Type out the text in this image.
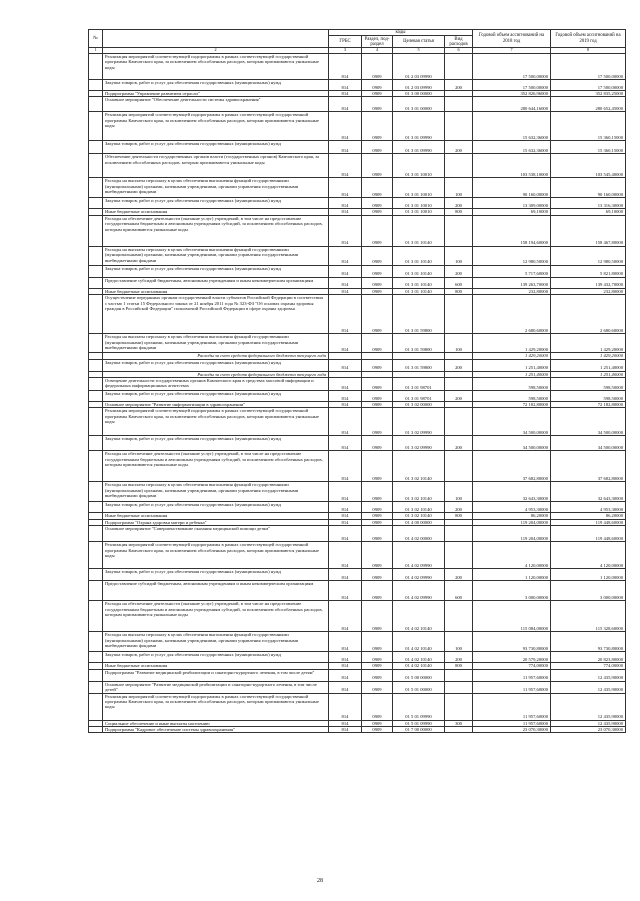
№		коды				Годовой объем ассигнований на 2018 год	Годовой объем ассигнований на 2019 год
		ГРБС	Раздел, под-раздел	Целевая статья	Вид расходов		
1	2	3	4	5	6	7	8
	Реализация мероприятий соответствующей подпрограммы в рамках соответствующей государственной программы Камчатского края, за исключением обособленных расходов, которым присваиваются уникальные коды	814	0909	01 2 03 09990		17 500,00000	17 500,00000
	Закупка товаров, работ и услуг для обеспечения государственных (муниципальных) нужд	814	0909	01 2 03 09990	200	17 500,00000	17 500,00000
	Подпрограмма "Управление развитием отрасли"	814	0909	01 3 00 00000		352 826,96000	352 835,25000
	Основное мероприятие "Обеспечение деятельности системы здравоохранения"	814	0909	01 3 01 00000		280 644,16000	280 652,45000
	Реализация мероприятий соответствующей подпрограммы в рамках соответствующей государственной программы Камчатского края, за исключением обособленных расходов, которым присваиваются уникальные коды	814	0909	01 3 01 09990		15 632,36000	15 360,15000
	Закупка товаров, работ и услуг для обеспечения государственных (муниципальных) нужд	814	0909	01 3 01 09990	200	15 632,36000	15 360,15000
	Обеспечение деятельности государственных органов власти (государственных органов) Камчатского края, за исключением обособленных расходов, которым присваиваются уникальные коды	814	0909	01 3 01 10010		103 538,10000	103 545,40000
	Расходы на выплаты персоналу в целях обеспечения выполнения функций государственными (муниципальными) органами, казенными учреждениями, органами управления государственными внебюджетными фондами	814	0909	01 3 01 10010	100	90 160,00000	90 160,00000
	Закупка товаров, работ и услуг для обеспечения государственных (муниципальных) нужд	814	0909	01 3 01 10010	200	13 309,00000	13 316,30000
	Иные бюджетные ассигнования	814	0909	01 3 01 10010	800	69,10000	69,10000
	Расходы на обеспечение деятельности (оказание услуг) учреждений, в том числе на предоставление государственным бюджетным и автономным учреждениям субсидий, за исключением обособленных расходов, которым присваиваются уникальные коды	814	0909	01 3 01 10140		158 194,60000	158 467,80000
	Расходы на выплаты персоналу в целях обеспечения выполнения функций государственными (муниципальными) органами, казенными учреждениями, органами управления государственными внебюджетными фондами	814	0909	01 3 01 10140	100	12 980,50000	12 980,50000
	Закупка товаров, работ и услуг для обеспечения государственных (муниципальных) нужд	814	0909	01 3 01 10140	200	5 717,60000	5 821,80000
	Предоставление субсидий бюджетным, автономным учреждениям и иным некоммерческим организациям	814	0909	01 3 01 10140	600	139 263,70000	139 432,70000
	Иные бюджетные ассигнования	814	0909	01 3 01 10140	800	232,80000	232,80000
	Осуществление переданных органам государственной власти субъектов Российской Федерации в соответствии с частью 1 статьи 15 Федерального закона от 21 ноября 2011 года № 323-ФЗ "Об основах охраны здоровья граждан в Российской Федерации" полномочий Российской Федерации в сфере охраны здоровья	814	0909	01 3 01 59800		2 680,60000	2 680,60000
	Расходы на выплаты персоналу в целях обеспечения выполнения функций государственными (муниципальными) органами, казенными учреждениями, органами управления государственными внебюджетными фондами	814	0909	01 3 01 59800	100	1 429,20000	1 429,20000
	Расходы за счет средств федерального бюджета текущего года					1 429,20000	1 429,20000
	Закупка товаров, работ и услуг для обеспечения государственных (муниципальных) нужд	814	0909	01 3 01 59800	200	1 251,40000	1 251,40000
	Расходы за счет средств федерального бюджета текущего года					1 251,40000	1 251,40000
	Освещение деятельности государственных органов Камчатского края в средствах массовой информации и федеральных информационных агентствах	814	0909	01 3 01 98701		598,50000	598,50000
	Закупка товаров, работ и услуг для обеспечения государственных (муниципальных) нужд	814	0909	01 3 01 98701	200	598,50000	598,50000
	Основное мероприятие "Развитие информатизации в здравоохранении"	814	0909	01 3 02 00000		72 182,80000	72 182,80000
	Реализация мероприятий соответствующей подпрограммы в рамках соответствующей государственной программы Камчатского края, за исключением обособленных расходов, которым присваиваются уникальные коды	814	0909	01 3 02 09990		34 500,00000	34 500,00000
	Закупка товаров, работ и услуг для обеспечения государственных (муниципальных) нужд	814	0909	01 3 02 09990	200	34 500,00000	34 500,00000
	Расходы на обеспечение деятельности (оказание услуг) учреждений, в том числе на предоставление государственным бюджетным и автономным учреждениям субсидий, за исключением обособленных расходов, которым присваиваются уникальные коды	814	0909	01 3 02 10140		37 682,80000	37 682,80000
	Расходы на выплаты персоналу в целях обеспечения выполнения функций государственными (муниципальными) органами, казенными учреждениями, органами управления государственными внебюджетными фондами	814	0909	01 3 02 10140	100	32 643,30000	32 643,30000
	Закупка товаров, работ и услуг для обеспечения государственных (муниципальных) нужд	814	0909	01 3 02 10140	200	4 953,30000	4 953,30000
	Иные бюджетные ассигнования	814	0909	01 3 02 10140	800	86,20000	86,20000
	Подпрограмма "Охрана здоровья матери и ребенка"	814	0909	01 4 00 00000		119 204,00000	119 448,60000
	Основное мероприятие "Совершенствование оказания медицинской помощи детям"	814	0909	01 4 02 00000		119 204,00000	119 448,60000
	Реализация мероприятий соответствующей подпрограммы в рамках соответствующей государственной программы Камчатского края, за исключением обособленных расходов, которым присваиваются уникальные коды	814	0909	01 4 02 09990		4 120,00000	4 120,00000
	Закупка товаров, работ и услуг для обеспечения государственных (муниципальных) нужд	814	0909	01 4 02 09990	200	1 120,00000	1 120,00000
	Предоставление субсидий бюджетным, автономным учреждениям и иным некоммерческим организациям	814	0909	01 4 02 09990	600	3 000,00000	3 000,00000
	Расходы на обеспечение деятельности (оказание услуг) учреждений, в том числе на предоставление государственным бюджетным и автономным учреждениям субсидий, за исключением обособленных расходов, которым присваиваются уникальные коды	814	0909	01 4 02 10140		115 084,00000	115 328,60000
	Расходы на выплаты персоналу в целях обеспечения выполнения функций государственными (муниципальными) органами, казенными учреждениями, органами управления государственными внебюджетными фондами	814	0909	01 4 02 10140	100	93 730,80000	93 730,80000
	Закупка товаров, работ и услуг для обеспечения государственных (муниципальных) нужд	814	0909	01 4 02 10140	200	20 579,20000	20 823,80000
	Иные бюджетные ассигнования	814	0909	01 4 02 10140	800	774,00000	774,00000
	Подпрограмма "Развитие медицинской реабилитации и санаторно-курортного лечения, в том числе детям"	814	0909	01 5 00 00000		11 957,60000	12 435,90000
	Основное мероприятие "Развитие медицинской реабилитации и санаторно-курортного лечения, в том числе детей"	814	0909	01 5 01 00000		11 957,60000	12 435,90000
	Реализация мероприятий соответствующей подпрограммы в рамках соответствующей государственной программы Камчатского края, за исключением обособленных расходов, которым присваиваются уникальные коды	814	0909	01 5 01 09990		11 957,60000	12 435,90000
	Социальное обеспечение и иные выплаты населению	814	0909	01 5 01 09990	300	11 957,60000	12 435,90000
	Подпрограмма "Кадровое обеспечение системы здравоохранения"	814	0909	01 7 00 00000		23 070,30000	23 070,30000
28
